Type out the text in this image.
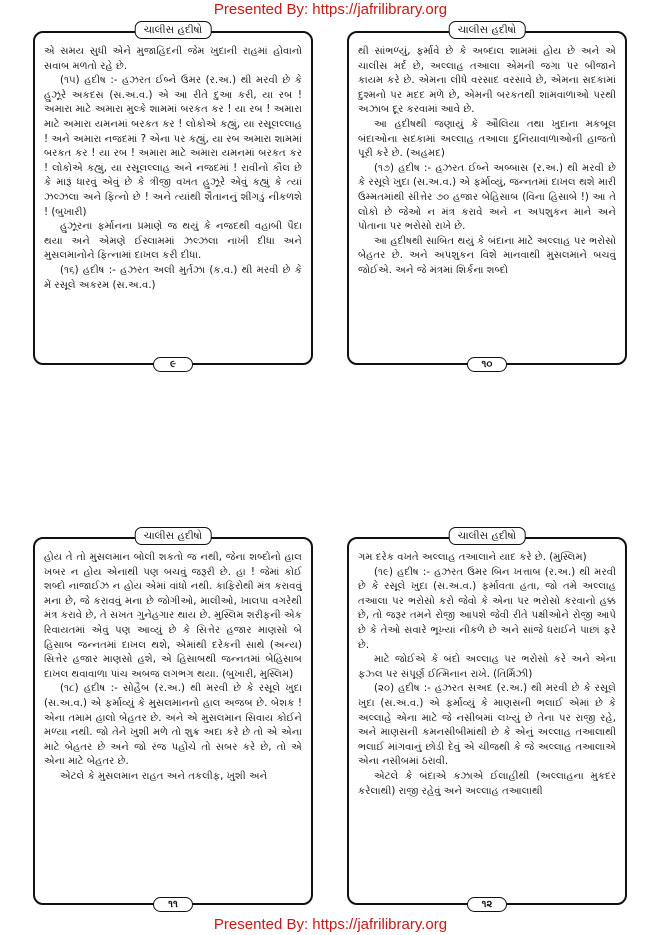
Presented By: https://jafrilibrary.org
ચાલીસ હદીષો

એ સમય સુધી એને મુજાહિદની જેમ ખુદાની રાહમાં હોવાનો સવાબ મળતો રહે છે.

(૧૫) હદીષ :- હઝરત ઈબ્ને ઉમર (ર.અ.) થી મરવી છે કે હુઝૂરે અકદસ (સ.અ.વ.) એ આ રીતે દુઆ કરી, યા રબ ! અમારા માટે અમારા મુલ્કે શામમાં બરકત કર ! યા રબ ! અમારા માટે અમારા યમનમાં બરકત કર ! લોકોએ કહ્યું, યા રસૂલલ્લાહ ! અને અમારા નજદમાં ? એના પર કહ્યું, યા રબ અમારા શામમાં બરકત કર ! યા રબ ! અમારા માટે અમારા યમનમાં બરકત કર ! લોકોએ કહ્યું, યા રસૂલલ્લાહ અને નજદમાં ! રાવીનો કૌલ છે કે મારૂં ધારવું એવું છે કે ત્રીજી વખત હુઝૂરે એવું કહ્યું કે ત્યાં ઝલ્ઝલા અને ફિત્નો છે ! અને ત્યાંથી શૈતાનનું શીંગડું નીકળશે ! (બુખારી)

હુઝૂરના ફર્માનના પ્રમાણે જ થયું કે નજદથી વહાબી પૈદા થયા અને એમણે ઈસ્લામમાં ઝલ્ઝલા નાખી દીધા અને મુસલમાનોને ફિત્નામાં દાખલ કરી દીધા.

(૧૬) હદીષ :- હઝરત અલી મુર્તઝા (ક.વ.) થી મરવી છે કે મેં રસૂલે અકરમ (સ.અ.વ.)

૯
ચાલીસ હદીષો

થી સાંભળ્યું, ફર્માવે છે કે અબ્દાલ શામમાં હોય છે અને એ ચાલીસ મર્દ છે, અલ્લાહ તઆલા એમની જગા પર બીજાને કાયમ કરે છે. એમના લીધે વરસાદ વરસાવે છે, એમના સદકામાં દુશ્મનો પર મદદ મળે છે, એમની બરકતથી શામવાળાઓ પરથી અઝાબ દૂર કરવામાં આવે છે.

આ હદીષથી જણાયું કે ઔલિયા તથા ખુદાના મકબૂલ બંદાઓના સદકામાં અલ્લાહ તઆલા દુનિયાવાળાઓની હાજતો પૂરી કરે છે. (અહમદ)

(૧૭) હદીષ :- હઝરત ઈબ્ને અબ્બાસ (ર.અ.) થી મરવી છે કે રસૂલે ખુદા (સ.અ.વ.) એ ફર્માવ્યું, જન્નતમાં દાખલ થશે મારી ઉમ્મતમાંથી સીત્તેર ૭૦ હજાર બેહિસાબ (વિના હિસાબે !) આ તે લોકો છે જેઓ ન મંત્ર કરાવે અને ન અપશુકન માને અને પોતાના પર ભરોસો રાખે છે.

આ હદીષથી સાબિત થયું કે બંદાના માટે અલ્લાહ પર ભરોસો બેહતર છે. અને અપશુકન વિશે માનવાથી મુસલમાને બચવું જોઈએ. અને જે મંત્રમાં શિર્કના શબ્દો

૧૦
ચાલીસ હદીષો

હોય તે તો મુસલમાન બોલી શકતો જ નથી, જેના શબ્દોનો હાલ ખબર ન હોય એનાથી પણ બચવું જરૂરી છે. હા ! જેમાં કોઈ શબ્દો નાજાઈઝ ન હોય એમાં વાંધો નથી. કાફિરોથી મંત્ર કરાવવું મના છે, જે કરાવવું મના છે જોગીઓ, માલીઓ, ખાલપા વગરેથી મંત્ર કરાવે છે, તે સખત ગુનેહગાર થાય છે. મુસ્લિમ શરીફની એક રિવાયતમાં એવું પણ આવ્યું છે કે સિત્તેર હજાર માણસો બે હિસાબ જન્નતમાં દાખલ થશે, એમાંથી દરેકની સાથે (અન્ય) સિત્તેર હજાર માણસો હશે, એ હિસાબથી જન્નતમાં બેહિસાબ દાખલ થવાવાળા પાંચ અબજ લગભગ થયા. (બુખારી, મુસ્લિમ)

(૧૮) હદીષ :- સોહૈબ (ર.અ.) થી મરવી છે કે રસૂલે ખુદા (સ.અ.વ.) એ ફર્માવ્યું કે મુસલમાનનો હાલ અજબ છે. બેશક ! એના તમામ હાલો બેહતર છે. અને એ મુસલમાન સિવાય કોઈને મળ્યા નથી. જો તેને ખુશી મળે તો શુક્ર અદા કરે છે તો એ એના માટે બેહતર છે અને જો રંજ પહોંચે તો સબર કરે છે, તો એ એના માટે બેહતર છે.

એટલે કે મુસલમાન રાહત અને તકલીફ, ખુશી અને

૧૧
ચાલીસ હદીષો

ગમ દરેક વખતે અલ્લાહ તઆલાને યાદ કરે છે. (મુસ્લિમ)

(૧૯) હદીષ :- હઝરત ઉમર બિન ખત્તાબ (ર.અ.) થી મરવી છે કે રસૂલે ખુદા (સ.અ.વ.) ફર્માવતા હતા, જો તમે અલ્લાહ તઆલા પર ભરોસો કરો જેવો કે એના પર ભરોસો કરવાનો હક્ક છે, તો જરૂર તમને રોજી આપશે જેવી રીતે પક્ષીઓને રોજી આપે છે કે તેઓ સવારે ભૂખ્યાં નીકળે છે અને સાંજે ધરાઈને પાછાં ફરે છે.

માટે જોઈએ કે બંદો અલ્લાહ પર ભરોસો કરે અને એના ફઝ્લ પર સંપૂર્ણ ઈત્મિનાન રાખે. (તિર્મિઝી)

(૨૦) હદીષ :- હઝરત સઅદ (ર.અ.) થી મરવી છે કે રસૂલે ખુદા (સ.અ.વ.) એ ફર્માવ્યું કે માણસની ભલાઈ એમાં છે કે અલ્લાહે એના માટે જે નસીબમાં લખ્યું છે તેના પર રાજી રહે, અને માણસની કમનસીબીમાંથી છે કે એનું અલ્લાહ તઆલાથી ભલાઈ માંગવાનું છોડી દેવું એ ચીજથી કે જે અલ્લાહ તઆલાએ એના નસીબમાં ઠરાવી.

એટલે કે બંદાએ કઝાએ ઈલાહીથી (અલ્લાહના મુકદર કરેલાથી) રાજી રહેવું અને અલ્લાહ તઆલાથી

૧૨
Presented By: https://jafrilibrary.org
